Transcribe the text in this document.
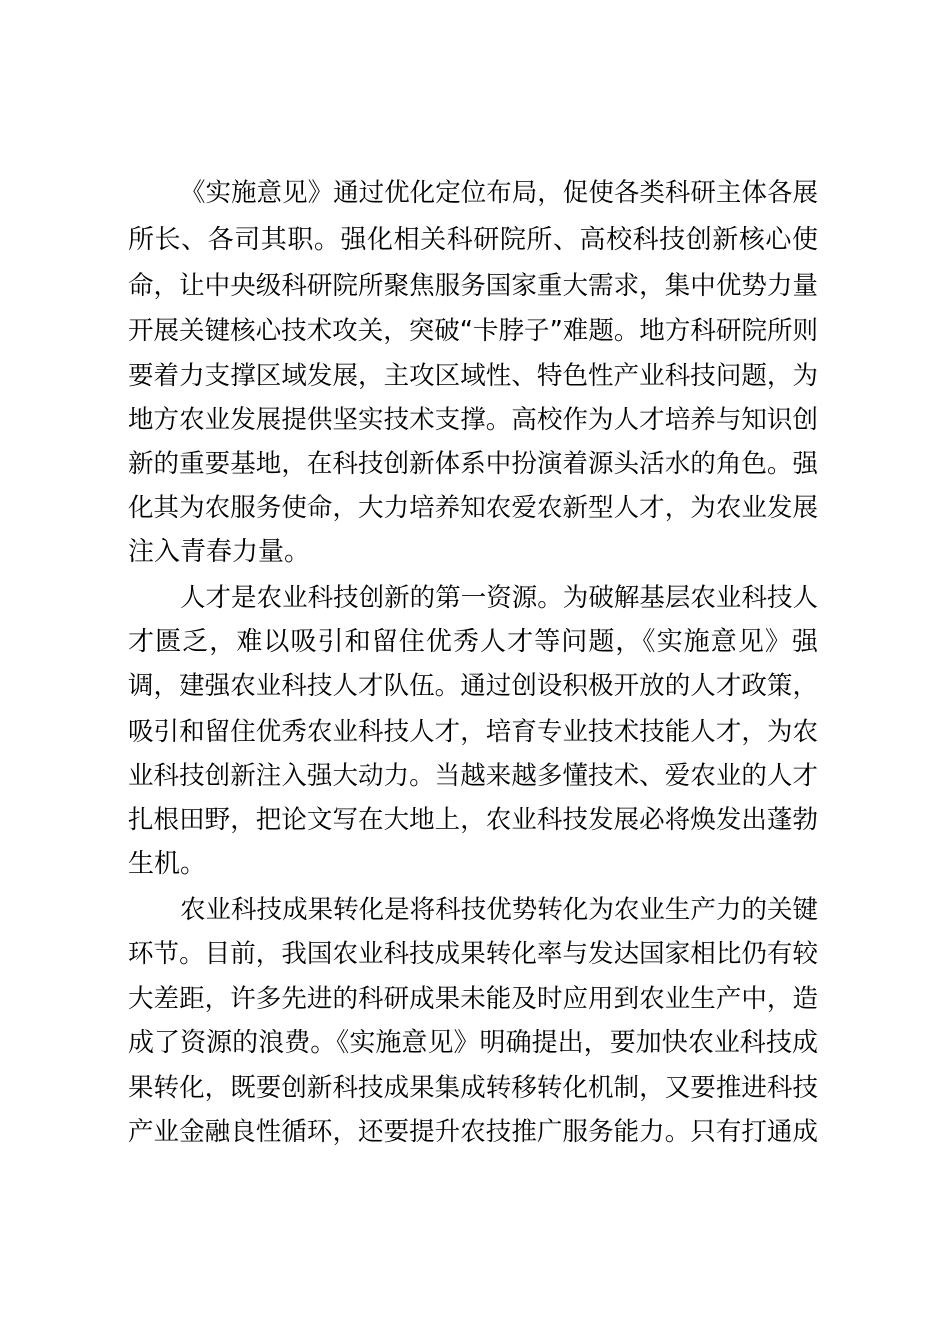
《实施意见》通过优化定位布局，促使各类科研主体各展
所长、各司其职。强化相关科研院所、高校科技创新核心使
命，让中央级科研院所聚焦服务国家重大需求，集中优势力量
开展关键核心技术攻关，突破“卡脖子”难题。地方科研院所则
要着力支撑区域发展，主攻区域性、特色性产业科技问题，为
地方农业发展提供坚实技术支撑。高校作为人才培养与知识创
新的重要基地，在科技创新体系中扮演着源头活水的角色。强
化其为农服务使命，大力培养知农爱农新型人才，为农业发展
注入青春力量。
人才是农业科技创新的第一资源。为破解基层农业科技人
才匮乏，难以吸引和留住优秀人才等问题，《实施意见》强
调，建强农业科技人才队伍。通过创设积极开放的人才政策，
吸引和留住优秀农业科技人才，培育专业技术技能人才，为农
业科技创新注入强大动力。当越来越多懂技术、爱农业的人才
扎根田野，把论文写在大地上，农业科技发展必将焕发出蓬勃
生机。
农业科技成果转化是将科技优势转化为农业生产力的关键
环节。目前，我国农业科技成果转化率与发达国家相比仍有较
大差距，许多先进的科研成果未能及时应用到农业生产中，造
成了资源的浪费。《实施意见》明确提出，要加快农业科技成
果转化，既要创新科技成果集成转移转化机制，又要推进科技
产业金融良性循环，还要提升农技推广服务能力。只有打通成
